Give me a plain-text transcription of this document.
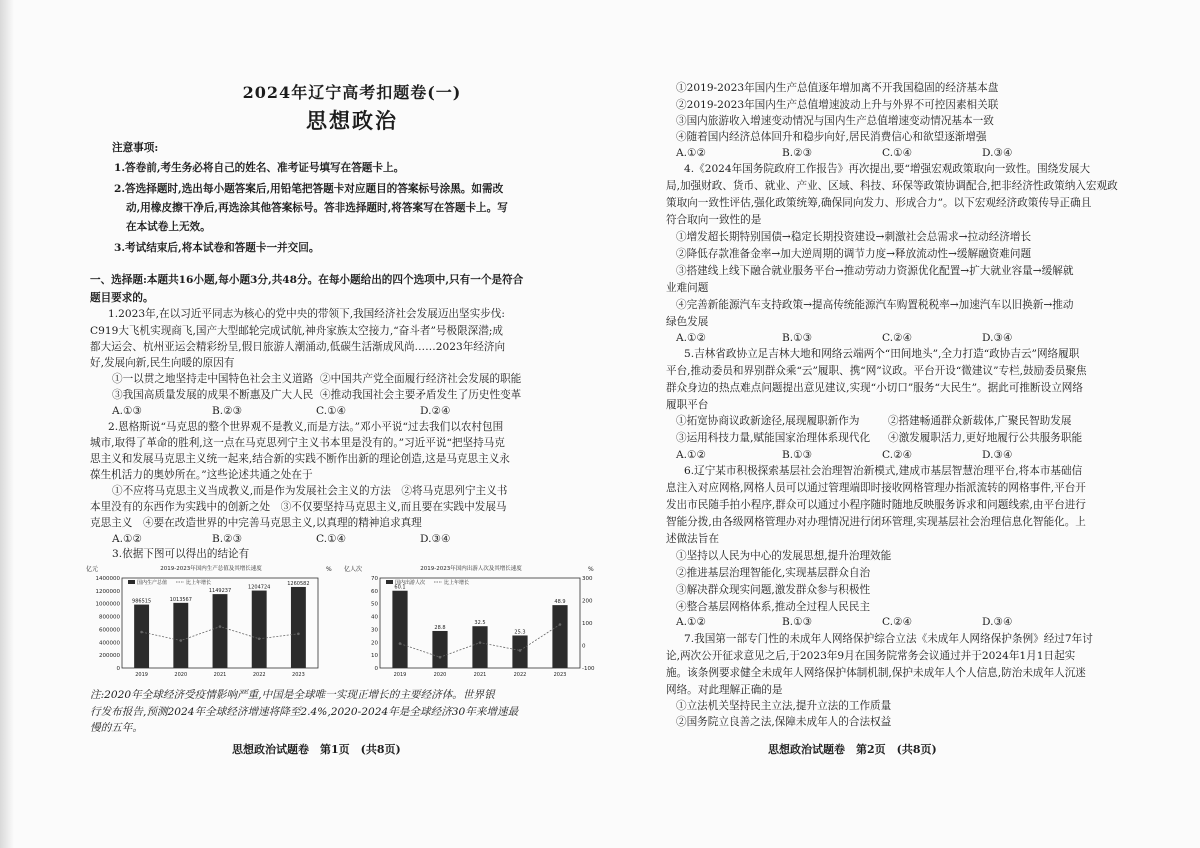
2024年辽宁高考扣题卷(一)
思想政治
注意事项:
1.答卷前,考生务必将自己的姓名、准考证号填写在答题卡上。
2.答选择题时,选出每小题答案后,用铅笔把答题卡对应题目的答案标号涂黑。如需改
动,用橡皮擦干净后,再选涂其他答案标号。答非选择题时,将答案写在答题卡上。写
在本试卷上无效。
3.考试结束后,将本试卷和答题卡一并交回。
一、选择题:本题共16小题,每小题3分,共48分。在每小题给出的四个选项中,只有一个是符合
题目要求的。
1.2023年,在以习近平同志为核心的党中央的带领下,我国经济社会发展迈出坚实步伐:
C919大飞机实现商飞,国产大型邮轮完成试航,神舟家族太空接力,“奋斗者”号极限深潜;成
都大运会、杭州亚运会精彩纷呈,假日旅游人潮涌动,低碳生活渐成风尚……2023年经济向
好,发展向新,民生向暖的原因有
①一以贯之地坚持走中国特色社会主义道路 ②中国共产党全面履行经济社会发展的职能
③我国高质量发展的成果不断惠及广大人民 ④推动我国社会主要矛盾发生了历史性变革
A.①③	B.②③	C.①④	D.②④
2.恩格斯说“马克思的整个世界观不是教义,而是方法。”邓小平说“过去我们以农村包围
城市,取得了革命的胜利,这一点在马克思列宁主义书本里是没有的。”习近平说“把坚持马克
思主义和发展马克思主义统一起来,结合新的实践不断作出新的理论创造,这是马克思主义永
葆生机活力的奥妙所在。”这些论述共通之处在于
①不应将马克思主义当成教义,而是作为发展社会主义的方法　②将马克思列宁主义书
本里没有的东西作为实践中的创新之处　③不仅要坚持马克思主义,而且要在实践中发展马
克思主义　④要在改造世界的中完善马克思主义,以真理的精神追求真理
A.①②	B.②③	C.①④	D.③④
3.依据下图可以得出的结论有
2019-2023年国内生产总值及其增长速度
亿元	%
1400000
1200000
1000000
800000
600000
400000
200000
0
国内生产总值	比上年增长
986515
2019
1013567
2020
1149237
2021
1204724
2022
1260582
2023
2019-2023年国内出游人次及其增长速度
亿人次	%
70
60
50
40
30
20
10
0
300
200
100
0
-100
国内出游人次	比上年增长
60.1
2019
28.8
2020
32.5
2021
25.3
2022
48.9
2023
注:2020年全球经济受疫情影响严重,中国是全球唯一实现正增长的主要经济体。世界银
行发布报告,预测2024年全球经济增速将降至2.4%,2020-2024年是全球经济30年来增速最
慢的五年。
思想政治试题卷　第1页　(共8页)
①2019-2023年国内生产总值逐年增加离不开我国稳固的经济基本盘
②2019-2023年国内生产总值增速波动上升与外界不可控因素相关联
③国内旅游收入增速变动情况与国内生产总值增速变动情况基本一致
④随着国内经济总体回升和稳步向好,居民消费信心和欲望逐渐增强
A.①②	B.②③	C.①④	D.③④
4.《2024年国务院政府工作报告》再次提出,要“增强宏观政策取向一致性。围绕发展大
局,加强财政、货币、就业、产业、区域、科技、环保等政策协调配合,把非经济性政策纳入宏观政
策取向一致性评估,强化政策统筹,确保同向发力、形成合力”。以下宏观经济政策传导正确且
符合取向一致性的是
①增发超长期特别国债→稳定长期投资建设→刺激社会总需求→拉动经济增长
②降低存款准备金率→加大逆周期的调节力度→释放流动性→缓解融资难问题
③搭建线上线下融合就业服务平台→推动劳动力资源优化配置→扩大就业容量→缓解就
业难问题
④完善新能源汽车支持政策→提高传统能源汽车购置税税率→加速汽车以旧换新→推动
绿色发展
A.①②	B.①③	C.②④	D.③④
5.吉林省政协立足吉林大地和网络云端两个“田间地头”,全力打造“政协吉云”网络履职
平台,推动委员和界别群众乘“云”履职、携“网”议政。平台开设“微建议”专栏,鼓励委员聚焦
群众身边的热点难点问题提出意见建议,实现“小切口”服务“大民生”。据此可推断设立网络
履职平台
①拓宽协商议政新途径,展现履职新作为	②搭建畅通群众新载体,广聚民智助发展
③运用科技力量,赋能国家治理体系现代化 ④激发履职活力,更好地履行公共服务职能
A.①②	B.①③	C.②④	D.③④
6.辽宁某市积极探索基层社会治理智治新模式,建成市基层智慧治理平台,将本市基础信
息注入对应网格,网格人员可以通过管理端即时接收网格管理办指派流转的网格事件,平台开
发出市民随手拍小程序,群众可以通过小程序随时随地反映服务诉求和问题线索,由平台进行
智能分拨,由各级网格管理办对办理情况进行闭环管理,实现基层社会治理信息化智能化。上
述做法旨在
①坚持以人民为中心的发展思想,提升治理效能
②推进基层治理智能化,实现基层群众自治
③解决群众现实问题,激发群众参与积极性
④整合基层网格体系,推动全过程人民民主
A.①②	B.①③	C.②④	D.③④
7.我国第一部专门性的未成年人网络保护综合立法《未成年人网络保护条例》经过7年讨
论,两次公开征求意见之后,于2023年9月在国务院常务会议通过并于2024年1月1日起实
施。该条例要求健全未成年人网络保护体制机制,保护未成年人个人信息,防治未成年人沉迷
网络。对此理解正确的是
①立法机关坚持民主立法,提升立法的工作质量
②国务院立良善之法,保障未成年人的合法权益
思想政治试题卷　第2页　(共8页)
